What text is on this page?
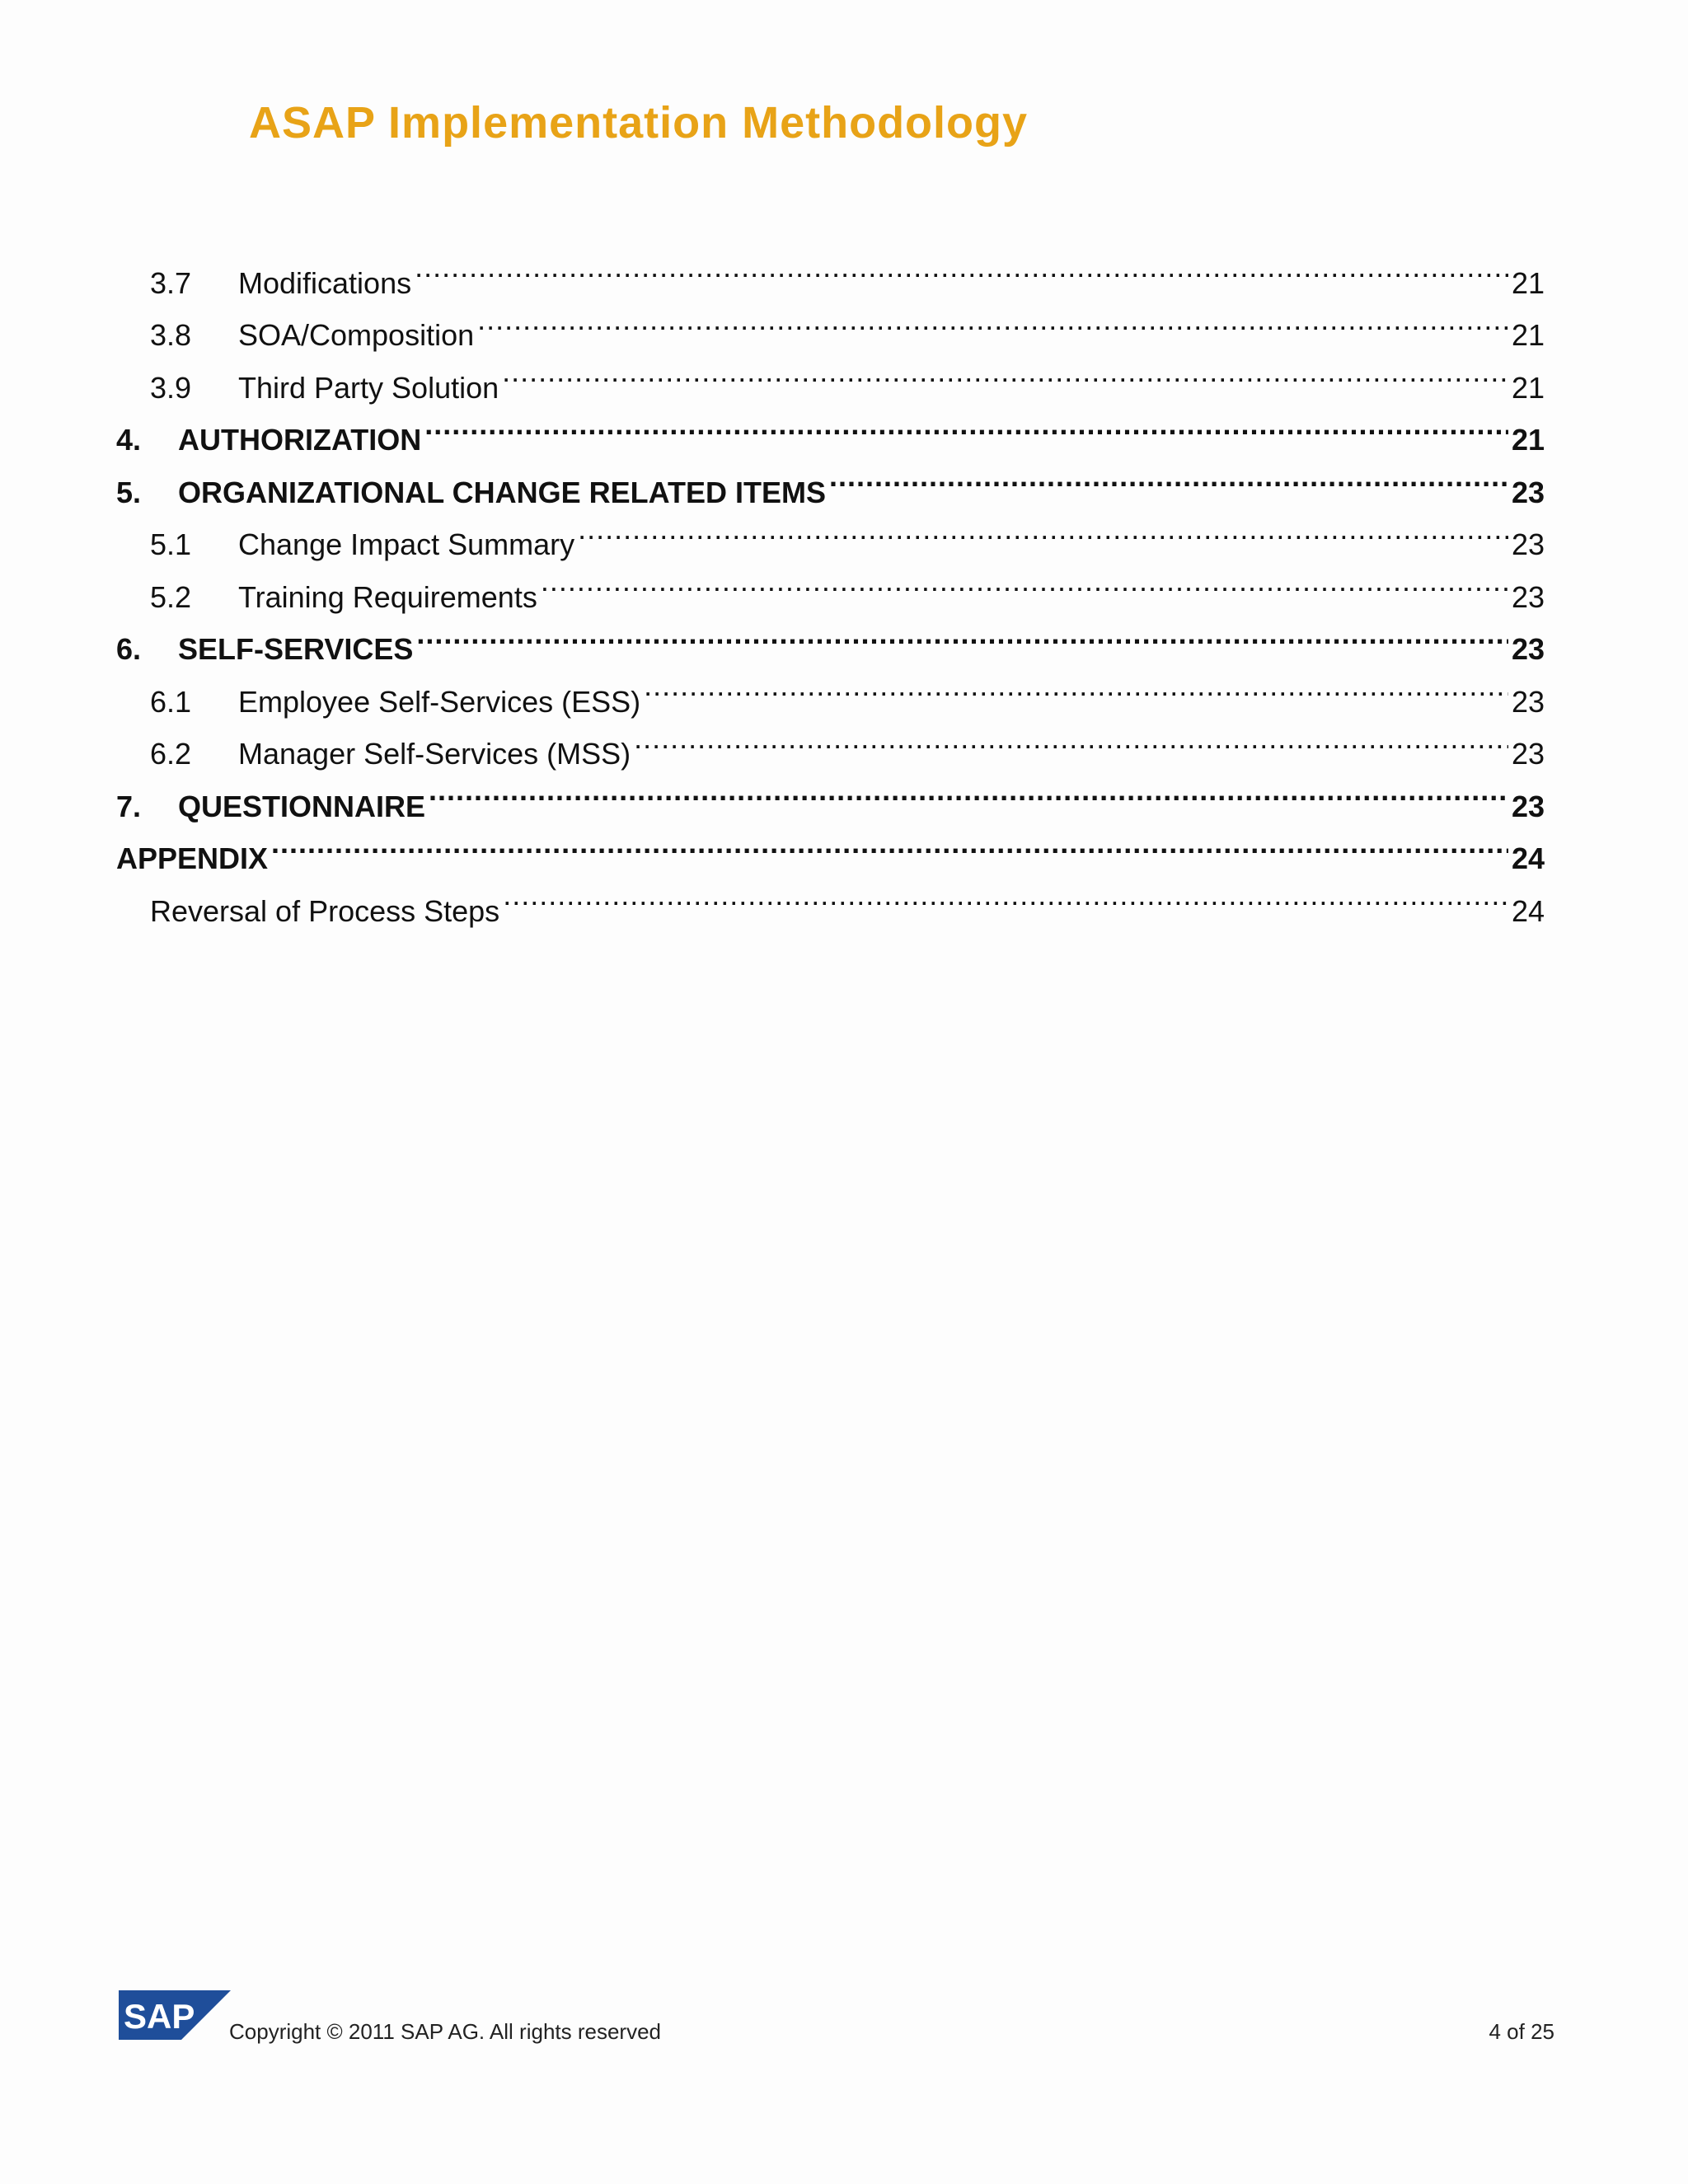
ASAP Implementation Methodology
3.7	Modifications .....	21
3.8	SOA/Composition .....	21
3.9	Third Party Solution .....	21
4.	AUTHORIZATION .....	21
5.	ORGANIZATIONAL CHANGE RELATED ITEMS .....	23
5.1	Change Impact Summary .....	23
5.2	Training Requirements .....	23
6.	SELF-SERVICES .....	23
6.1	Employee Self-Services (ESS) .....	23
6.2	Manager Self-Services (MSS) .....	23
7.	QUESTIONNAIRE .....	23
APPENDIX .....	24
Reversal of Process Steps .....	24
SAP Copyright © 2011 SAP AG. All rights reserved	4 of 25
